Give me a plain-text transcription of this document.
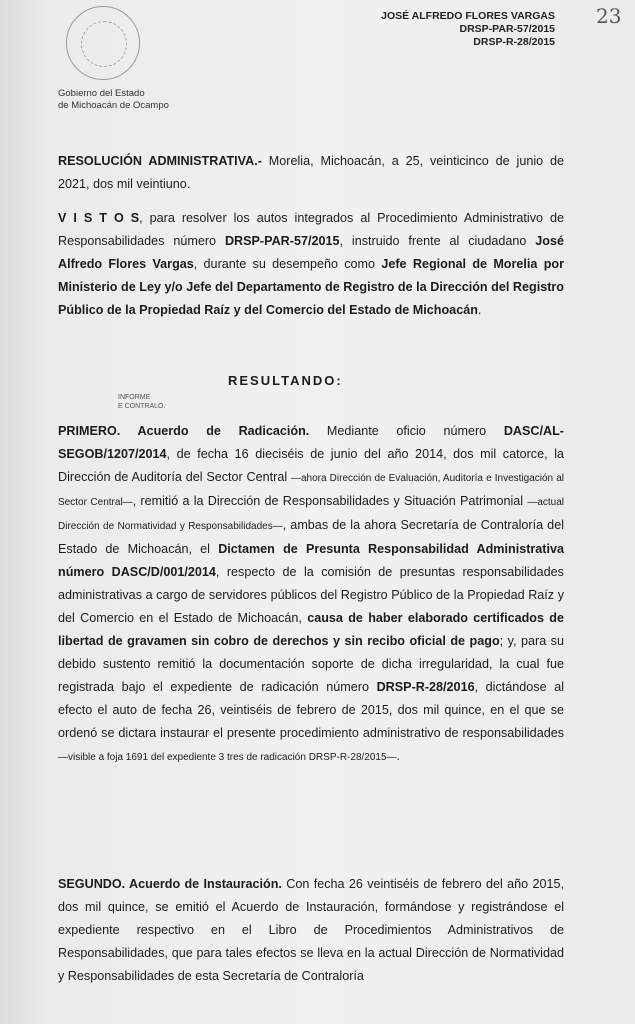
Gobierno del Estado
de Michoacán de Ocampo
JOSÉ ALFREDO FLORES VARGAS
DRSP-PAR-57/2015
DRSP-R-28/2015
23
RESOLUCIÓN ADMINISTRATIVA.- Morelia, Michoacán, a 25, veinticinco de junio de 2021, dos mil veintiuno.
V I S T O S, para resolver los autos integrados al Procedimiento Administrativo de Responsabilidades número DRSP-PAR-57/2015, instruido frente al ciudadano José Alfredo Flores Vargas, durante su desempeño como Jefe Regional de Morelia por Ministerio de Ley y/o Jefe del Departamento de Registro de la Dirección del Registro Público de la Propiedad Raíz y del Comercio del Estado de Michoacán.
RESULTANDO:
INFORME
E CONTRALO.
PRIMERO. Acuerdo de Radicación. Mediante oficio número DASC/AL-SEGOB/1207/2014, de fecha 16 dieciséis de junio del año 2014, dos mil catorce, la Dirección de Auditoría del Sector Central —ahora Dirección de Evaluación, Auditoría e Investigación al Sector Central—, remitió a la Dirección de Responsabilidades y Situación Patrimonial —actual Dirección de Normatividad y Responsabilidades—, ambas de la ahora Secretaría de Contraloría del Estado de Michoacán, el Dictamen de Presunta Responsabilidad Administrativa número DASC/D/001/2014, respecto de la comisión de presuntas responsabilidades administrativas a cargo de servidores públicos del Registro Público de la Propiedad Raíz y del Comercio en el Estado de Michoacán, causa de haber elaborado certificados de libertad de gravamen sin cobro de derechos y sin recibo oficial de pago; y, para su debido sustento remitió la documentación soporte de dicha irregularidad, la cual fue registrada bajo el expediente de radicación número DRSP-R-28/2016, dictándose al efecto el auto de fecha 26, veintiséis de febrero de 2015, dos mil quince, en el que se ordenó se dictara instaurar el presente procedimiento administrativo de responsabilidades —visible a foja 1691 del expediente 3 tres de radicación DRSP-R-28/2015—.
SEGUNDO. Acuerdo de Instauración. Con fecha 26 veintiséis de febrero del año 2015, dos mil quince, se emitió el Acuerdo de Instauración, formándose y registrándose el expediente respectivo en el Libro de Procedimientos Administrativos de Responsabilidades, que para tales efectos se lleva en la actual Dirección de Normatividad y Responsabilidades de esta Secretaría de Contraloría
